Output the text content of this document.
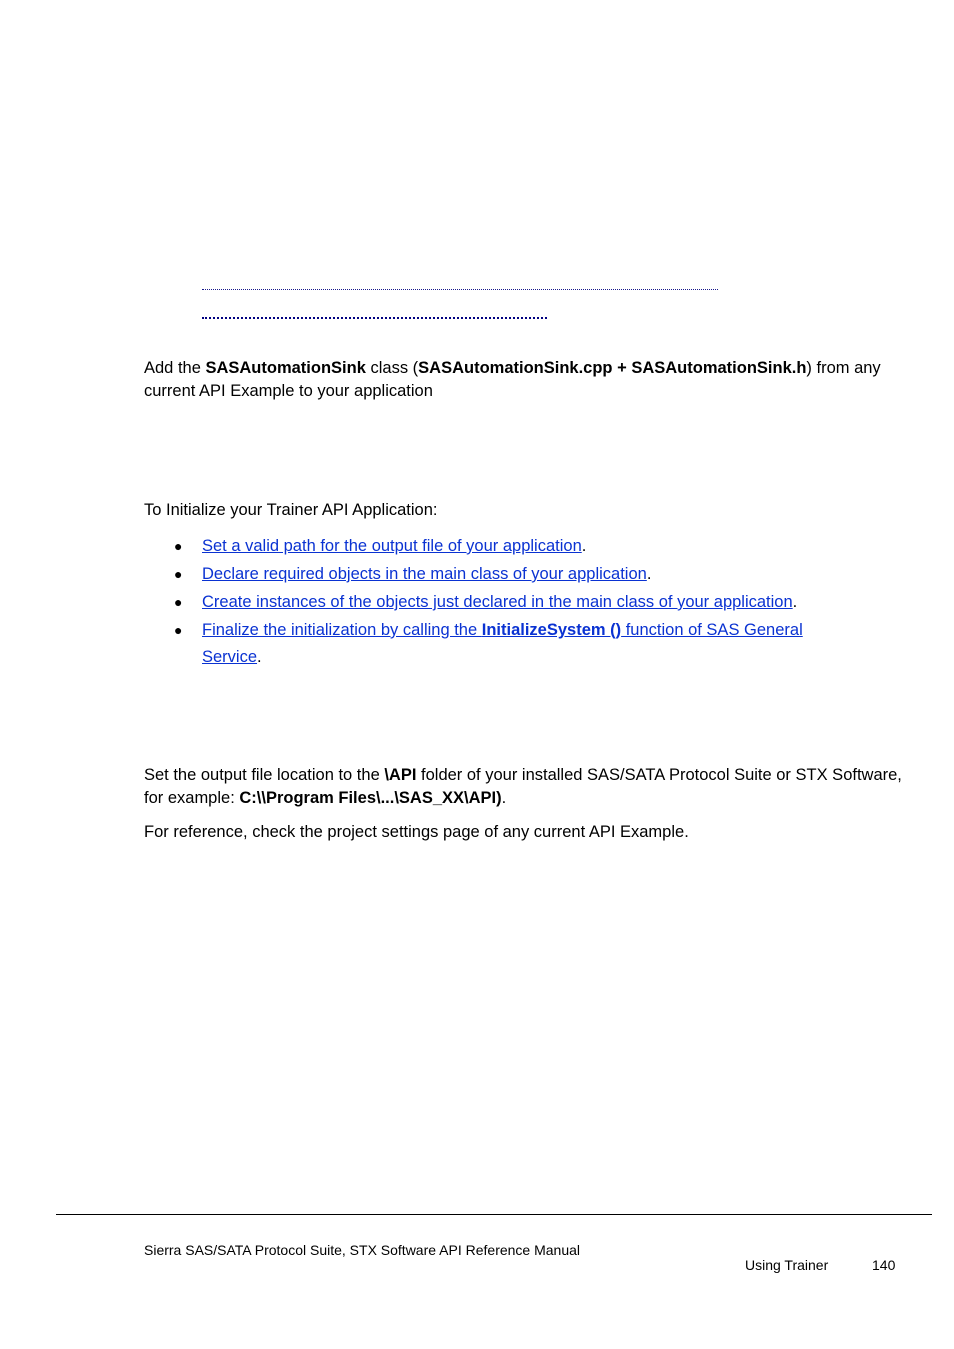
Add the SASAutomationSink class (SASAutomationSink.cpp + SASAutomationSink.h) from any current API Example to your application
To Initialize your Trainer API Application:
● Set a valid path for the output file of your application.
● Declare required objects in the main class of your application.
● Create instances of the objects just declared in the main class of your application.
● Finalize the initialization by calling the InitializeSystem () function of SAS General Service.
Set the output file location to the \API folder of your installed SAS/SATA Protocol Suite or STX Software, for example: C:\\Program Files\...\SAS_XX\API).
For reference, check the project settings page of any current API Example.
Sierra SAS/SATA Protocol Suite, STX Software API Reference Manual
Using Trainer	140
